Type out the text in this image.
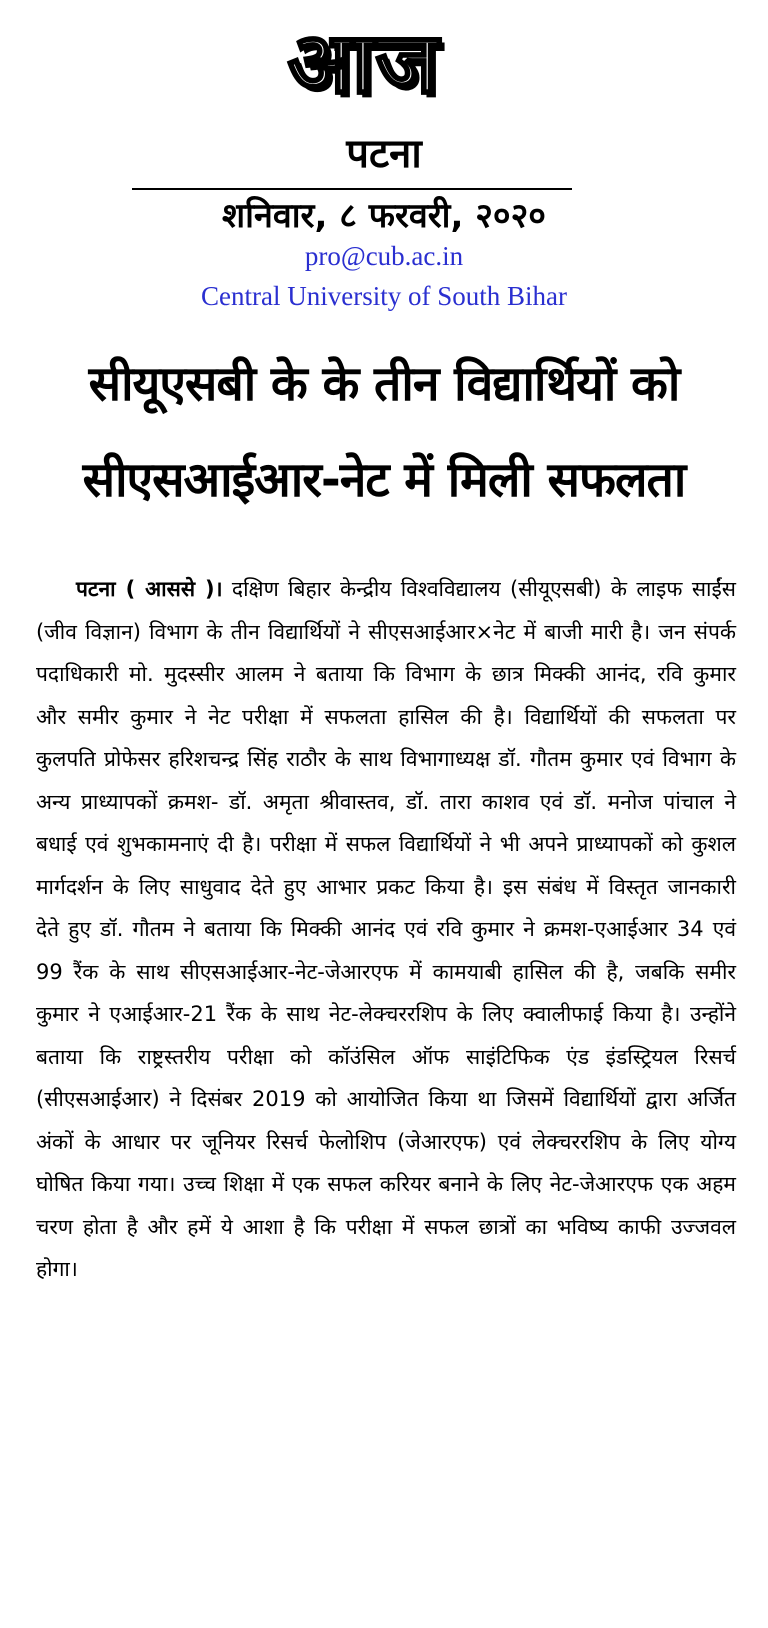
आज
पटना
शनिवार, ८ फरवरी, २०२०
pro@cub.ac.in
Central University of South Bihar
सीयूएसबी के के तीन विद्यार्थियों को
सीएसआईआर-नेट में मिली सफलता
पटना ( आससे )। दक्षिण बिहार केन्द्रीय विश्वविद्यालय (सीयूएसबी) के लाइफ साईंस (जीव विज्ञान) विभाग के तीन विद्यार्थियों ने सीएसआईआर×नेट में बाजी मारी है। जन संपर्क पदाधिकारी मो. मुदस्सीर आलम ने बताया कि विभाग के छात्र मिक्की आनंद, रवि कुमार और समीर कुमार ने नेट परीक्षा में सफलता हासिल की है। विद्यार्थियों की सफलता पर कुलपति प्रोफेसर हरिशचन्द्र सिंह राठौर के साथ विभागाध्यक्ष डॉ. गौतम कुमार एवं विभाग के अन्य प्राध्यापकों क्रमश- डॉ. अमृता श्रीवास्तव, डॉ. तारा काशव एवं डॉ. मनोज पांचाल ने बधाई एवं शुभकामनाएं दी है। परीक्षा में सफल विद्यार्थियों ने भी अपने प्राध्यापकों को कुशल मार्गदर्शन के लिए साधुवाद देते हुए आभार प्रकट किया है। इस संबंध में विस्तृत जानकारी देते हुए डॉ. गौतम ने बताया कि मिक्की आनंद एवं रवि कुमार ने क्रमश-एआईआर 34 एवं 99 रैंक के साथ सीएसआईआर-नेट-जेआरएफ में कामयाबी हासिल की है, जबकि समीर कुमार ने एआईआर-21 रैंक के साथ नेट-लेक्चररशिप के लिए क्वालीफाई किया है। उन्होंने बताया कि राष्ट्रस्तरीय परीक्षा को कॉउंसिल ऑफ साइंटिफिक एंड इंडस्ट्रियल रिसर्च (सीएसआईआर) ने दिसंबर 2019 को आयोजित किया था जिसमें विद्यार्थियों द्वारा अर्जित अंकों के आधार पर जूनियर रिसर्च फेलोशिप (जेआरएफ) एवं लेक्चररशिप के लिए योग्य घोषित किया गया। उच्च शिक्षा में एक सफल करियर बनाने के लिए नेट-जेआरएफ एक अहम चरण होता है और हमें ये आशा है कि परीक्षा में सफल छात्रों का भविष्य काफी उज्जवल होगा।
